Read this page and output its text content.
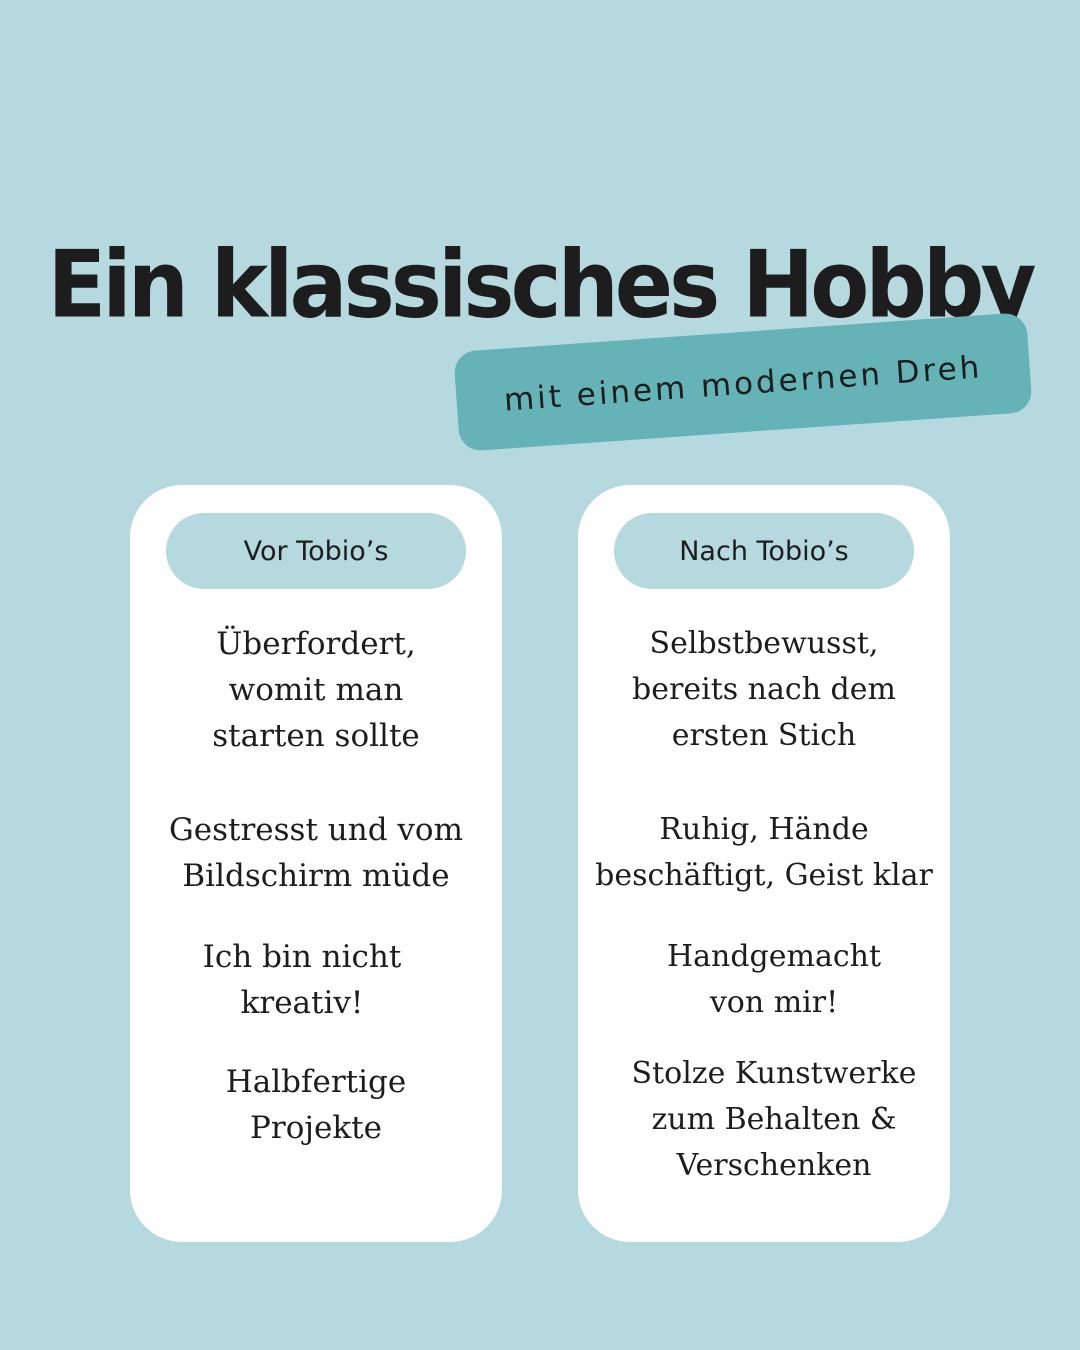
Ein klassisches Hobby
mit einem modernen Dreh
Vor Tobio’s
Überfordert,
womit man
starten sollte
Gestresst und vom
Bildschirm müde
Ich bin nicht
kreativ!
Halbfertige
Projekte
Nach Tobio’s
Selbstbewusst,
bereits nach dem
ersten Stich
Ruhig, Hände
beschäftigt, Geist klar
Handgemacht
von mir!
Stolze Kunstwerke
zum Behalten &
Verschenken
